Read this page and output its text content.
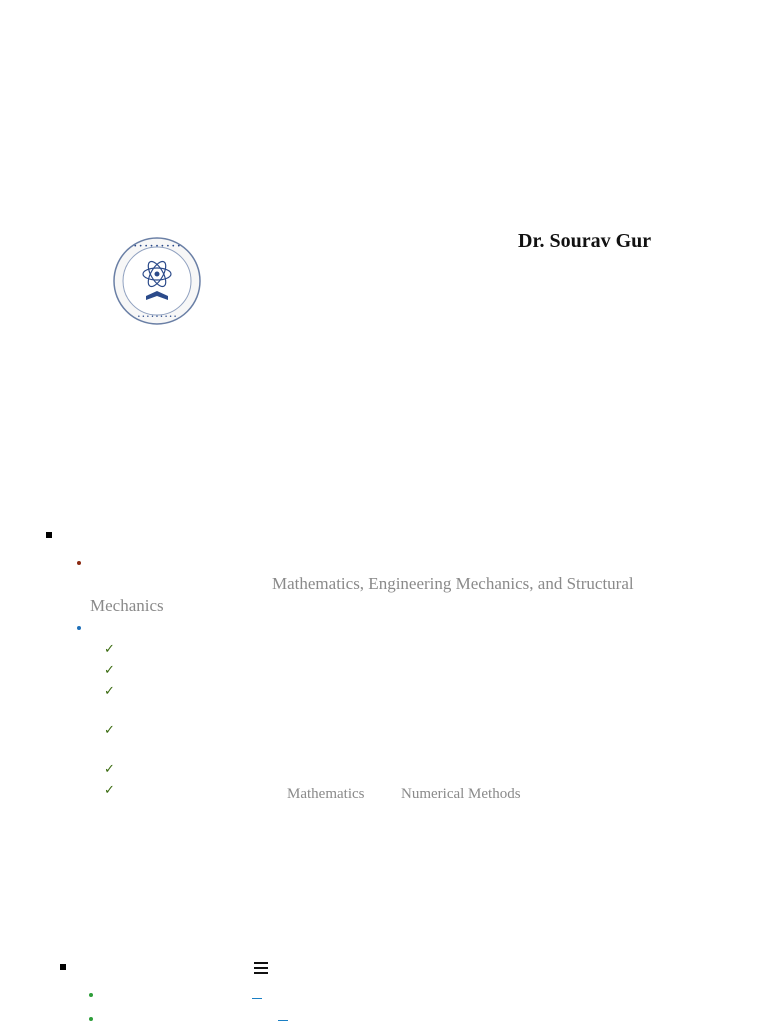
• • • • • • • • •
• • • • • • • • •
Dr. Sourav Gur
Mathematics, Engineering Mechanics, and Structural
Mechanics
✓
✓
✓
✓
✓
✓	Mathematics Numerical Methods
